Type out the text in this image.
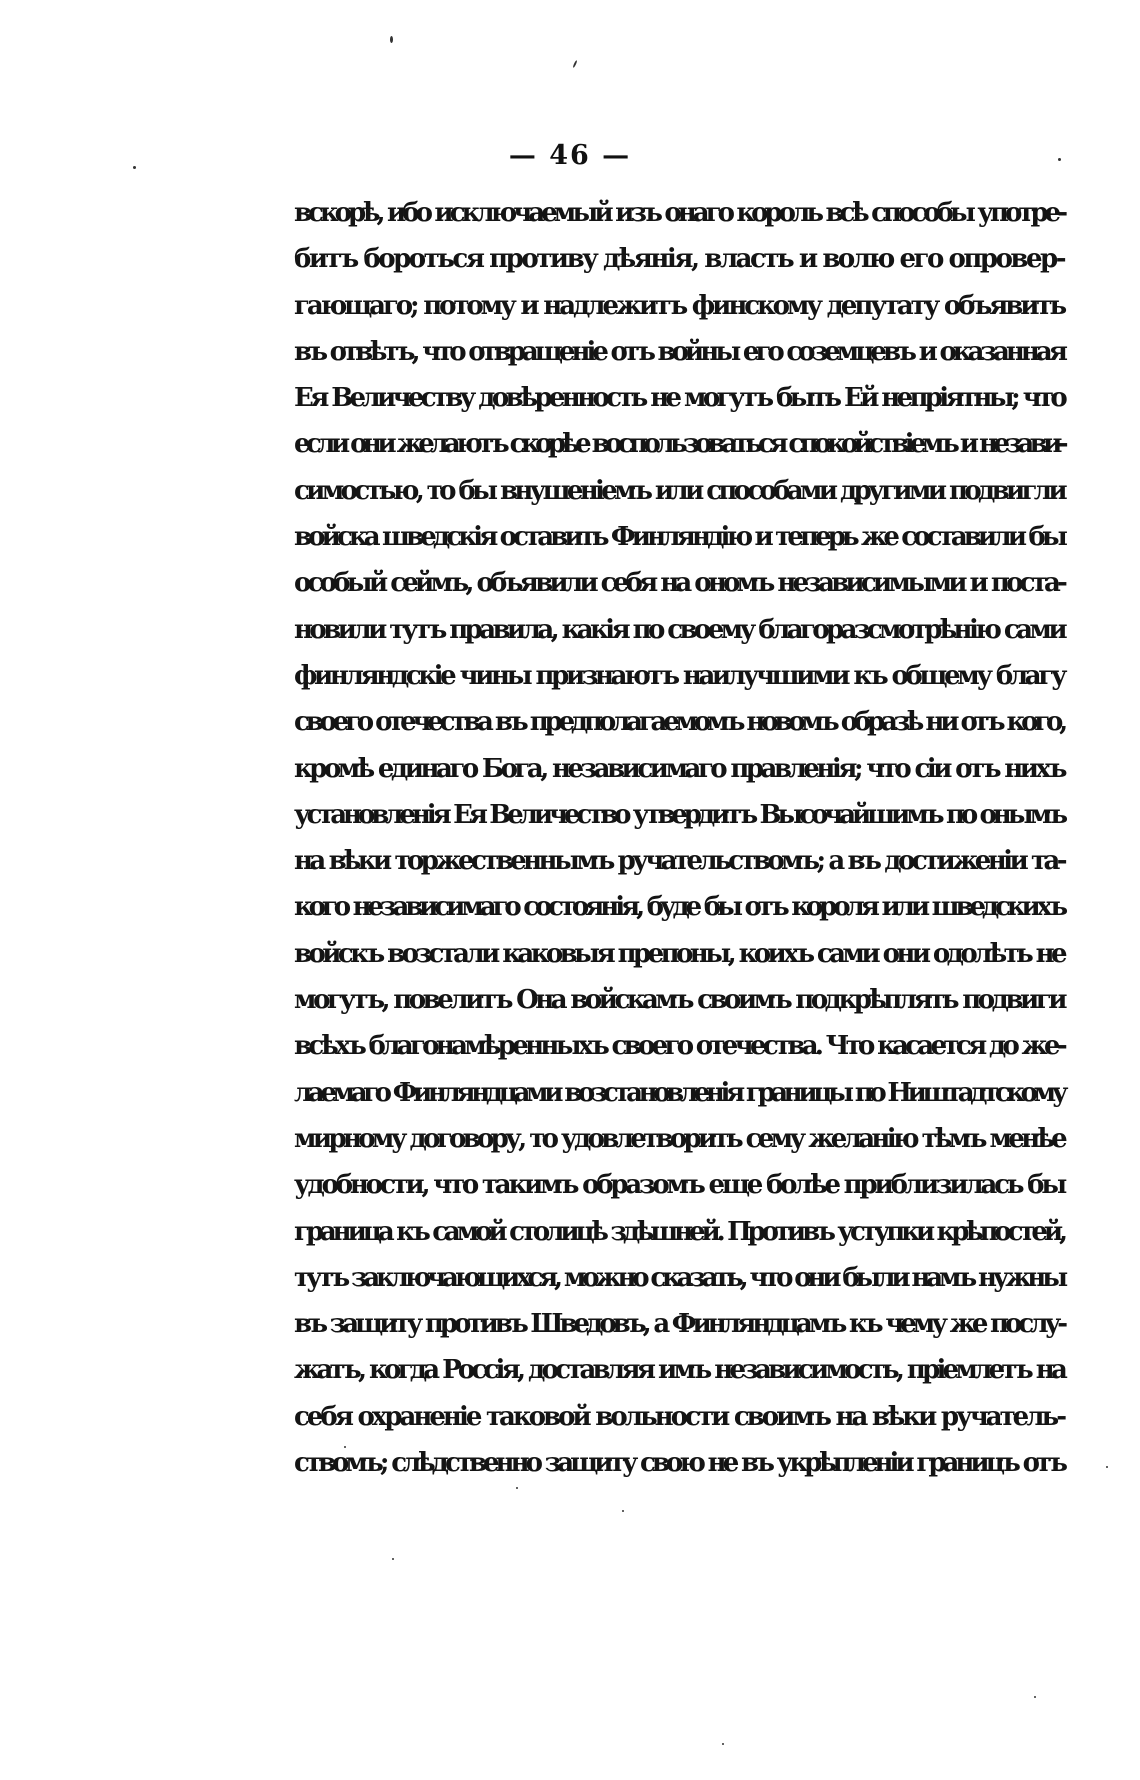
— 46 —
вскорѣ, ибо исключаемый изъ онаго король всѣ способы употре-
битъ бороться противу дѣянія, власть и волю его опровер-
гающаго; потому и надлежитъ финскому депутату объявить
въ отвѣтъ, что отвращеніе отъ войны его соземцевъ и оказанная
Ея Величеству довѣренность не могутъ быть Ей непріятны; что
если они желаютъ скорѣе воспользоваться спокойствіемъ и незави-
симостью, то бы внушеніемъ или способами другими подвигли
войска шведскія оставить Финляндію и теперь же составили бы
особый сеймъ, объявили себя на ономъ независимыми и поста-
новили тутъ правила, какія по своему благоразсмотрѣнію сами
финляндскіе чины признаютъ наилучшими къ общему благу
своего отечества въ предполагаемомъ новомъ образѣ ни отъ кого,
кромѣ единаго Бога, независимаго правленія; что сіи отъ нихъ
установленія Ея Величество утвердитъ Высочайшимъ по онымъ
на вѣки торжественнымъ ручательствомъ; а въ достиженіи та-
кого независимаго состоянія, буде бы отъ короля или шведскихъ
войскъ возстали каковыя препоны, коихъ сами они одолѣть не
могутъ, повелитъ Она войскамъ своимъ подкрѣплять подвиги
всѣхъ благонамѣренныхъ своего отечества. Что касается до же-
лаемаго Финляндцами возстановленія границы по Ништадтскому
мирному договору, то удовлетворить сему желанію тѣмъ менѣе
удобности, что такимъ образомъ еще болѣе приблизилась бы
граница къ самой столицѣ здѣшней. Противъ уступки крѣпостей,
тутъ заключающихся, можно сказать, что они были намъ нужны
въ защиту противъ Шведовъ, а Финляндцамъ къ чему же послу-
жатъ, когда Россія, доставляя имъ независимость, пріемлетъ на
себя охраненіе таковой вольности своимъ на вѣки ручатель-
ствомъ; слѣдственно защиту свою не въ укрѣпленіи границъ отъ
